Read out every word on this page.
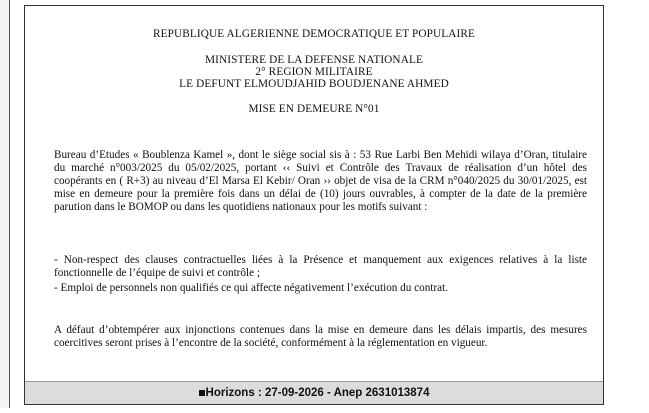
REPUBLIQUE ALGERIENNE DEMOCRATIQUE ET POPULAIRE
MINISTERE DE LA DEFENSE NATIONALE
2° REGION MILITAIRE
LE DEFUNT ELMOUDJAHID BOUDJENANE AHMED
MISE EN DEMEURE N°01
Bureau d’Etudes « Boublenza Kamel », dont le siège social sis à : 53 Rue Larbi Ben Mehidi wilaya d’Oran, titulaire du marché n°003/2025 du 05/02/2025, portant ‹‹ Suivi et Contrôle des Travaux de réalisation d’un hôtel des coopérants en ( R+3) au niveau d’El Marsa El Kebir/ Oran ›› objet de visa de la CRM n°040/2025 du 30/01/2025, est mise en demeure pour la première fois dans un délai de (10) jours ouvrables, à compter de la date de la première parution dans le BOMOP ou dans les quotidiens nationaux pour les motifs suivant :
- Non-respect des clauses contractuelles liées à la Présence et manquement aux exigences relatives à la liste fonctionnelle de l’équipe de suivi et contrôle ;
- Emploi de personnels non qualifiés ce qui affecte négativement l’exécution du contrat.
A défaut d’obtempérer aux injonctions contenues dans la mise en demeure dans les délais impartis, des mesures coercitives seront prises à l’encontre de la société, conformément à la réglementation en vigueur.
Horizons : 27-09-2026 - Anep 2631013874
